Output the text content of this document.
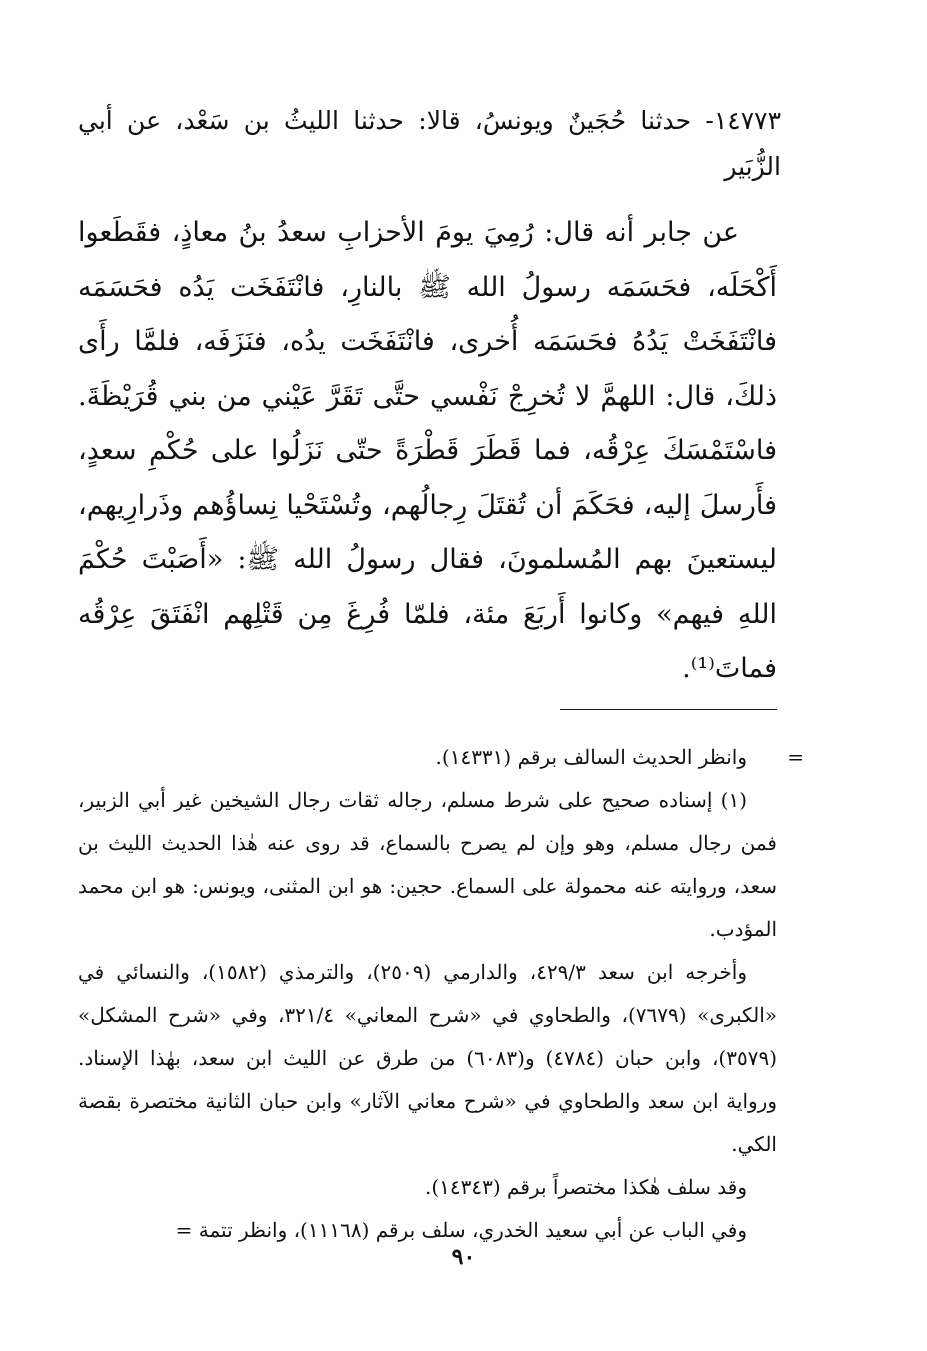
١٤٧٧٣- حدثنا حُجَينٌ ويونسُ، قالا: حدثنا الليثُ بن سَعْد، عن أبي الزُّبَير
عن جابر أنه قال: رُمِيَ يومَ الأحزابِ سعدُ بنُ معاذٍ، فقَطَعوا أَكْحَلَه، فحَسَمَه رسولُ الله ﷺ بالنارِ، فانْتَفَخَت يَدُه فحَسَمَه فانْتَفَخَتْ يَدُهُ فحَسَمَه أُخرى، فانْتَفَخَت يدُه، فنَزَفَه، فلمَّا رأَى ذلكَ، قال: اللهمَّ لا تُخرِجْ نَفْسي حتَّى تَقَرَّ عَيْني من بني قُرَيْظَةَ. فاسْتَمْسَكَ عِرْقُه، فما قَطَرَ قَطْرَةً حتّى نَزَلُوا على حُكْمِ سعدٍ، فأَرسلَ إليه، فحَكَمَ أن تُقتَلَ رِجالُهم، وتُسْتَحْيا نِساؤُهم وذَرارِيهم، ليستعينَ بهم المُسلمونَ، فقال رسولُ الله ﷺ: «أَصَبْتَ حُكْمَ اللهِ فيهم» وكانوا أَربَعَ مئة، فلمّا فُرِغَ مِن قَتْلِهم انْفَتَقَ عِرْقُه فماتَ⁽¹⁾.

=
وانظر الحديث السالف برقم (١٤٣٣١).

(١) إسناده صحيح على شرط مسلم، رجاله ثقات رجال الشيخين غير أبي الزبير، فمن رجال مسلم، وهو وإن لم يصرح بالسماع، قد روى عنه هٰذا الحديث الليث بن سعد، وروايته عنه محمولة على السماع. حجين: هو ابن المثنى، ويونس: هو ابن محمد المؤدب.

وأخرجه ابن سعد ٤٢٩/٣، والدارمي (٢٥٠٩)، والترمذي (١٥٨٢)، والنسائي في «الكبرى» (٧٦٧٩)، والطحاوي في «شرح المعاني» ٣٢١/٤، وفي «شرح المشكل» (٣٥٧٩)، وابن حبان (٤٧٨٤) و(٦٠٨٣) من طرق عن الليث ابن سعد، بهٰذا الإسناد. ورواية ابن سعد والطحاوي في «شرح معاني الآثار» وابن حبان الثانية مختصرة بقصة الكي.

وقد سلف هٰكذا مختصراً برقم (١٤٣٤٣).

وفي الباب عن أبي سعيد الخدري، سلف برقم (١١١٦٨)، وانظر تتمة =

٩٠
